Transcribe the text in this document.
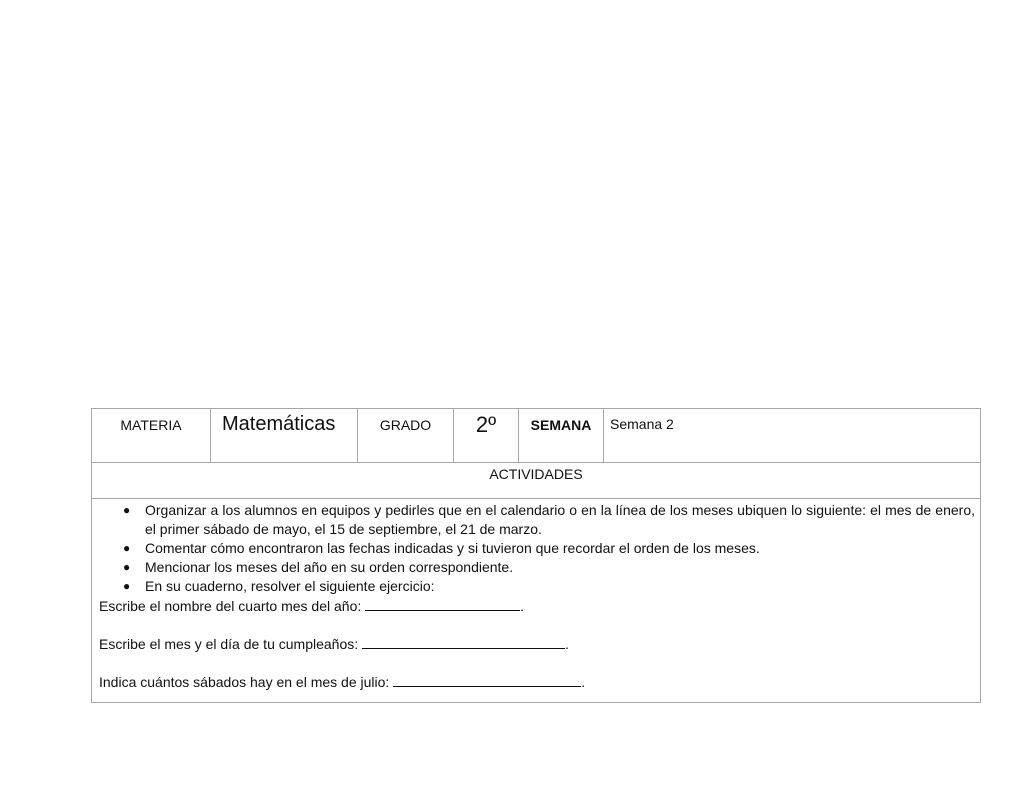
MATERIA	Matemáticas	GRADO	2º	SEMANA	Semana 2
ACTIVIDADES

● Organizar a los alumnos en equipos y pedirles que en el calendario o en la línea de los meses ubiquen lo siguiente: el mes de enero, el primer sábado de mayo, el 15 de septiembre, el 21 de marzo.
● Comentar cómo encontraron las fechas indicadas y si tuvieron que recordar el orden de los meses.
● Mencionar los meses del año en su orden correspondiente.
● En su cuaderno, resolver el siguiente ejercicio:

Escribe el nombre del cuarto mes del año:	.

Escribe el mes y el día de tu cumpleaños:	.

Indica cuántos sábados hay en el mes de julio:	.
